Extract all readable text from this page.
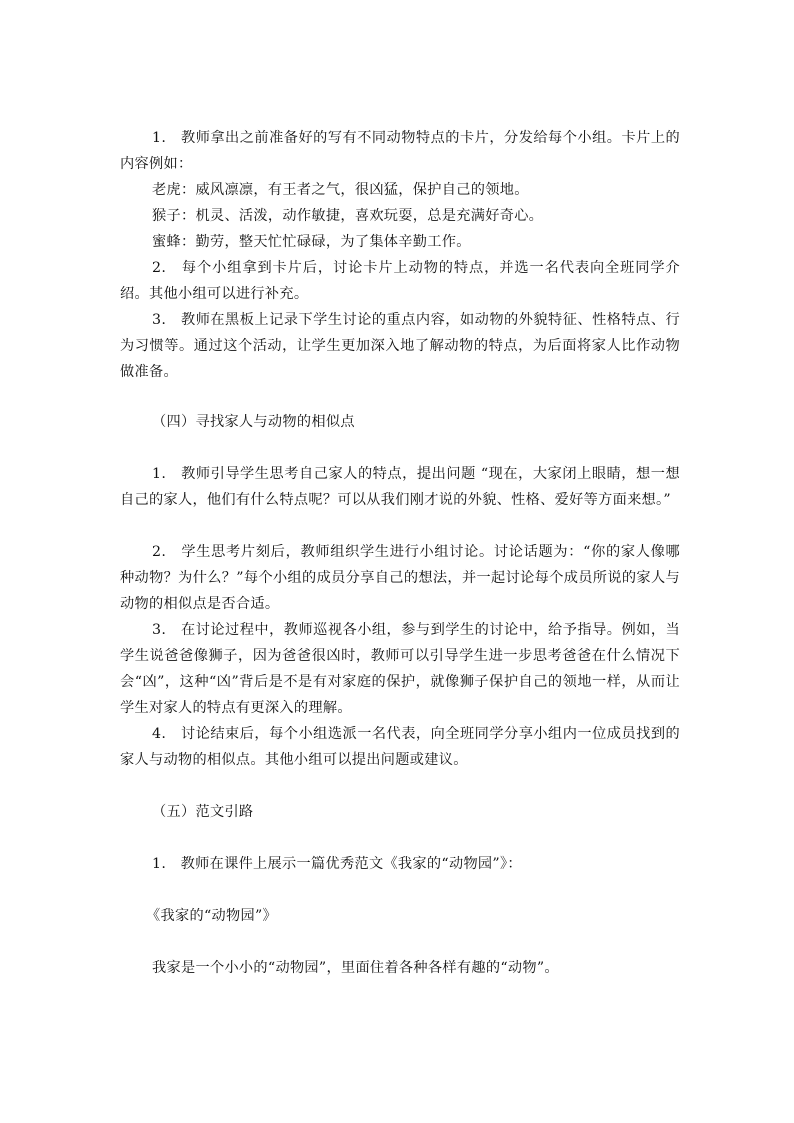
1.　教师拿出之前准备好的写有不同动物特点的卡片，分发给每个小组。卡片上的内容例如：

老虎：威风凛凛，有王者之气，很凶猛，保护自己的领地。

猴子：机灵、活泼，动作敏捷，喜欢玩耍，总是充满好奇心。

蜜蜂：勤劳，整天忙忙碌碌，为了集体辛勤工作。

2.　每个小组拿到卡片后，讨论卡片上动物的特点，并选一名代表向全班同学介绍。其他小组可以进行补充。

3.　教师在黑板上记录下学生讨论的重点内容，如动物的外貌特征、性格特点、行为习惯等。通过这个活动，让学生更加深入地了解动物的特点，为后面将家人比作动物做准备。

（四）寻找家人与动物的相似点

1.　教师引导学生思考自己家人的特点，提出问题 “现在，大家闭上眼睛，想一想自己的家人，他们有什么特点呢？可以从我们刚才说的外貌、性格、爱好等方面来想。”

2.　学生思考片刻后，教师组织学生进行小组讨论。讨论话题为：“你的家人像哪种动物？为什么？”每个小组的成员分享自己的想法，并一起讨论每个成员所说的家人与动物的相似点是否合适。

3.　在讨论过程中，教师巡视各小组，参与到学生的讨论中，给予指导。例如，当学生说爸爸像狮子，因为爸爸很凶时，教师可以引导学生进一步思考爸爸在什么情况下会“凶”，这种“凶”背后是不是有对家庭的保护，就像狮子保护自己的领地一样，从而让学生对家人的特点有更深入的理解。

4.　讨论结束后，每个小组选派一名代表，向全班同学分享小组内一位成员找到的家人与动物的相似点。其他小组可以提出问题或建议。

（五）范文引路

1.　教师在课件上展示一篇优秀范文《我家的“动物园”》：

《我家的“动物园”》

我家是一个小小的“动物园”，里面住着各种各样有趣的“动物”。
